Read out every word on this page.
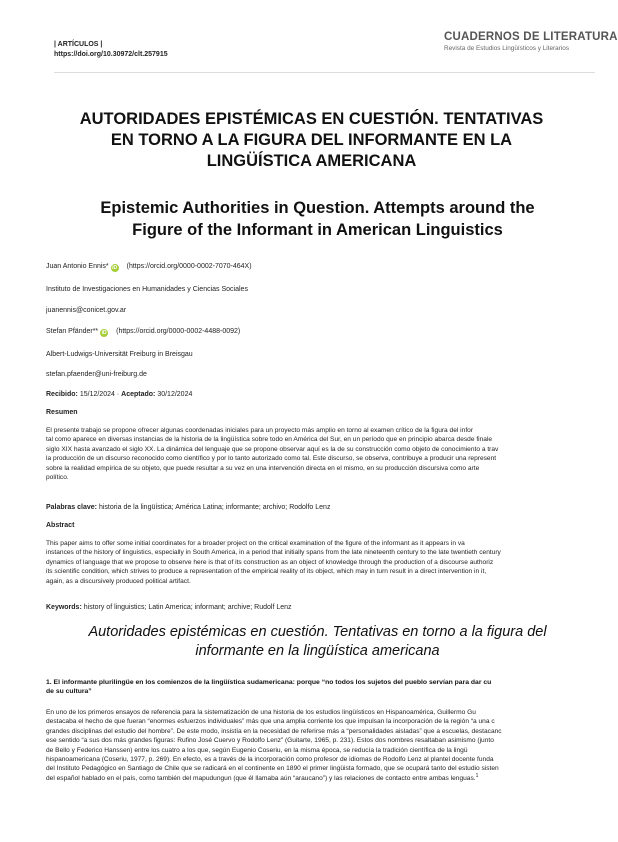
| ARTÍCULOS |
https://doi.org/10.30972/clt.257915
CUADERNOS DE LITERATURA
Revista de Estudios Lingüísticos y Literarios
AUTORIDADES EPISTÉMICAS EN CUESTIÓN. TENTATIVAS
EN TORNO A LA FIGURA DEL INFORMANTE EN LA
LINGÜÍSTICA AMERICANA
Epistemic Authorities in Question. Attempts around the
Figure of the Informant in American Linguistics
Juan Antonio Ennis* iD (https://orcid.org/0000-0002-7070-464X)
Instituto de Investigaciones en Humanidades y Ciencias Sociales
juanennis@conicet.gov.ar
Stefan Pfänder** iD (https://orcid.org/0000-0002-4488-0092)
Albert-Ludwigs-Universität Freiburg in Breisgau
stefan.pfaender@uni-freiburg.de
Recibido: 15/12/2024 · Aceptado: 30/12/2024
Resumen
El presente trabajo se propone ofrecer algunas coordenadas iniciales para un proyecto más amplio en torno al examen crítico de la figura del infor
tal como aparece en diversas instancias de la historia de la lingüística sobre todo en América del Sur, en un período que en principio abarca desde finale
siglo XIX hasta avanzado el siglo XX. La dinámica del lenguaje que se propone observar aquí es la de su construcción como objeto de conocimiento a trav
la producción de un discurso reconocido como científico y por lo tanto autorizado como tal. Este discurso, se observa, contribuye a producir una represent
sobre la realidad empírica de su objeto, que puede resultar a su vez en una intervención directa en el mismo, en su producción discursiva como arte
político.
Palabras clave: historia de la lingüística; América Latina; informante; archivo; Rodolfo Lenz
Abstract
This paper aims to offer some initial coordinates for a broader project on the critical examination of the figure of the informant as it appears in va
instances of the history of linguistics, especially in South America, in a period that initially spans from the late nineteenth century to the late twentieth century
dynamics of language that we propose to observe here is that of its construction as an object of knowledge through the production of a discourse authoriz
its scientific condition, which strives to produce a representation of the empirical reality of its object, which may in turn result in a direct intervention in it,
again, as a discursively produced political artifact.
Keywords: history of linguistics; Latin America; informant; archive; Rudolf Lenz
Autoridades epistémicas en cuestión. Tentativas en torno a la figura del
informante en la lingüística americana
1. El informante plurilingüe en los comienzos de la lingüística sudamericana: porque “no todos los sujetos del pueblo servían para dar cu
de su cultura”
En uno de los primeros ensayos de referencia para la sistematización de una historia de los estudios lingüísticos en Hispanoamérica, Guillermo Gu
destacaba el hecho de que fueran “enormes esfuerzos individuales” más que una amplia corriente los que impulsan la incorporación de la región “a una c
grandes disciplinas del estudio del hombre”. De este modo, insistía en la necesidad de referirse más a “personalidades aisladas” que a escuelas, destacanc
ese sentido “a sus dos más grandes figuras: Rufino José Cuervo y Rodolfo Lenz” (Guitarte, 1965, p. 231). Estos dos nombres resaltaban asimismo (junto
de Bello y Federico Hanssen) entre los cuatro a los que, según Eugenio Coseriu, en la misma época, se reducía la tradición científica de la lingü
hispanoamericana (Coseriu, 1977, p. 269). En efecto, es a través de la incorporación como profesor de idiomas de Rodolfo Lenz al plantel docente funda
del Instituto Pedagógico en Santiago de Chile que se radicará en el continente en 1890 el primer lingüista formado, que se ocupará tanto del estudio sisten
del español hablado en el país, como también del mapudungun (que él llamaba aún “araucano”) y las relaciones de contacto entre ambas lenguas.$^1$
